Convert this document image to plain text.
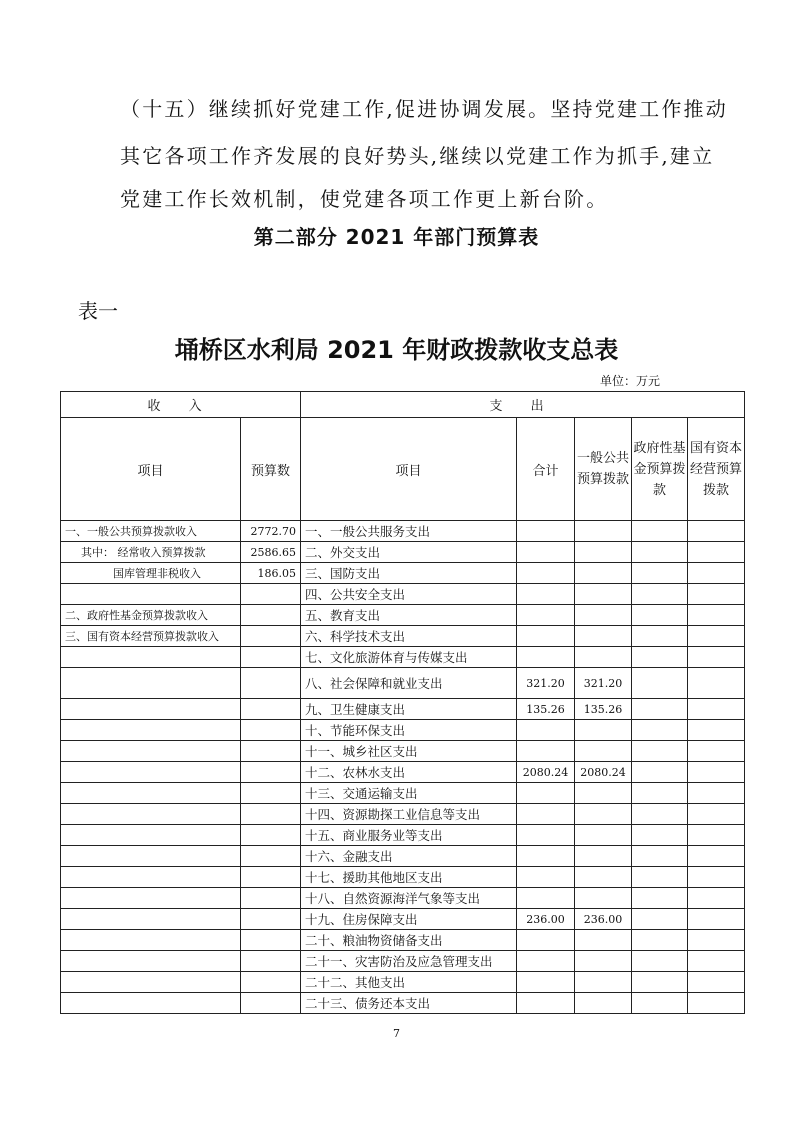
（十五）继续抓好党建工作,促进协调发展。坚持党建工作推动
其它各项工作齐发展的良好势头,继续以党建工作为抓手,建立
党建工作长效机制，使党建各项工作更上新台阶。
第二部分 2021 年部门预算表
表一
埇桥区水利局 2021 年财政拨款收支总表
单位：万元
收 入		支 出				
项目	预算数	项目	合计	一般公共预算拨款	政府性基金预算拨款	国有资本经营预算拨款
一、一般公共预算拨款收入	2772.70	一、一般公共服务支出				
其中： 经常收入预算拨款	2586.65	二、外交支出				
国库管理非税收入	186.05	三、国防支出				
		四、公共安全支出				
二、政府性基金预算拨款收入		五、教育支出				
三、国有资本经营预算拨款收入		六、科学技术支出				
		七、文化旅游体育与传媒支出				
		八、社会保障和就业支出	321.20	321.20		
		九、卫生健康支出	135.26	135.26		
		十、节能环保支出				
		十一、城乡社区支出				
		十二、农林水支出	2080.24	2080.24		
		十三、交通运输支出				
		十四、资源勘探工业信息等支出				
		十五、商业服务业等支出				
		十六、金融支出				
		十七、援助其他地区支出				
		十八、自然资源海洋气象等支出				
		十九、住房保障支出	236.00	236.00		
		二十、粮油物资储备支出				
		二十一、灾害防治及应急管理支出				
		二十二、其他支出				
		二十三、债务还本支出				
7
